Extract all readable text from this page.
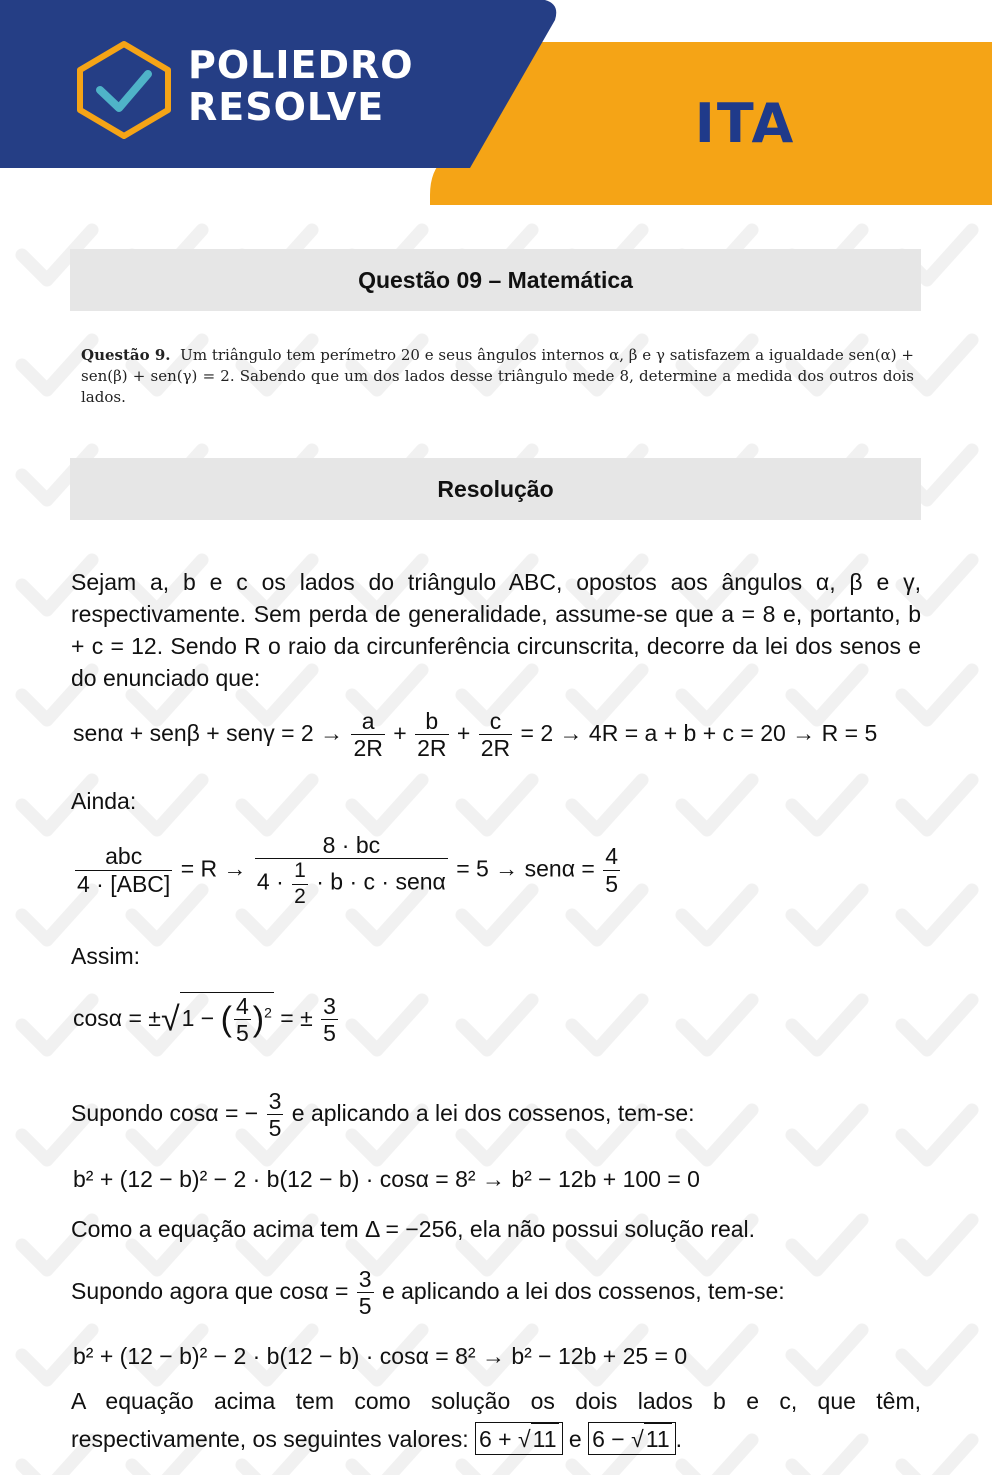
POLIEDRO
RESOLVE	ITA
Questão 09 – Matemática
Questão 9. Um triângulo tem perímetro 20 e seus ângulos internos α, β e γ satisfazem a igualdade sen(α) + sen(β) + sen(γ) = 2. Sabendo que um dos lados desse triângulo mede 8, determine a medida dos outros dois lados.
Resolução
Sejam a, b e c os lados do triângulo ABC, opostos aos ângulos α, β e γ, respectivamente. Sem perda de generalidade, assume-se que a = 8 e, portanto, b + c = 12. Sendo R o raio da circunferência circunscrita, decorre da lei dos senos e do enunciado que:
$sen\alpha + sen\beta + sen\gamma = 2 \to \frac{a}{2R} + \frac{b}{2R} + \frac{c}{2R} = 2 \to 4R = a + b + c = 20 \to R = 5$
Ainda:
$\frac{\text{abc}}{\text{4 · [ABC]}} = R \to \frac{8 \cdot bc}{4 \cdot \frac{1}{2} \cdot b \cdot c \cdot sen\alpha} = 5 \to sen\alpha = \frac{4}{5}$
Assim:
cosα = ±√1 − ( $\frac{4}{5} )^2$ = ± $\frac{3}{5}$
Supondo cosα = − $\frac{3}{5}$ e aplicando a lei dos cossenos, tem-se:
b² + (12 − b)² − 2 · b(12 − b) · cosα = 8² → b² − 12b + 100 = 0
Como a equação acima tem Δ = −256, ela não possui solução real.
Supondo agora que $\cos\alpha = \frac{3}{5}$ e aplicando a lei dos cossenos, tem-se:
b² + (12 − b)² − 2 · b(12 − b) · cosα = 8² → b² − 12b + 25 = 0
A equação acima tem como solução os dois lados b e c, que têm,
respectivamente, os seguintes valores: 6 + √11 e 6 − √11 .
